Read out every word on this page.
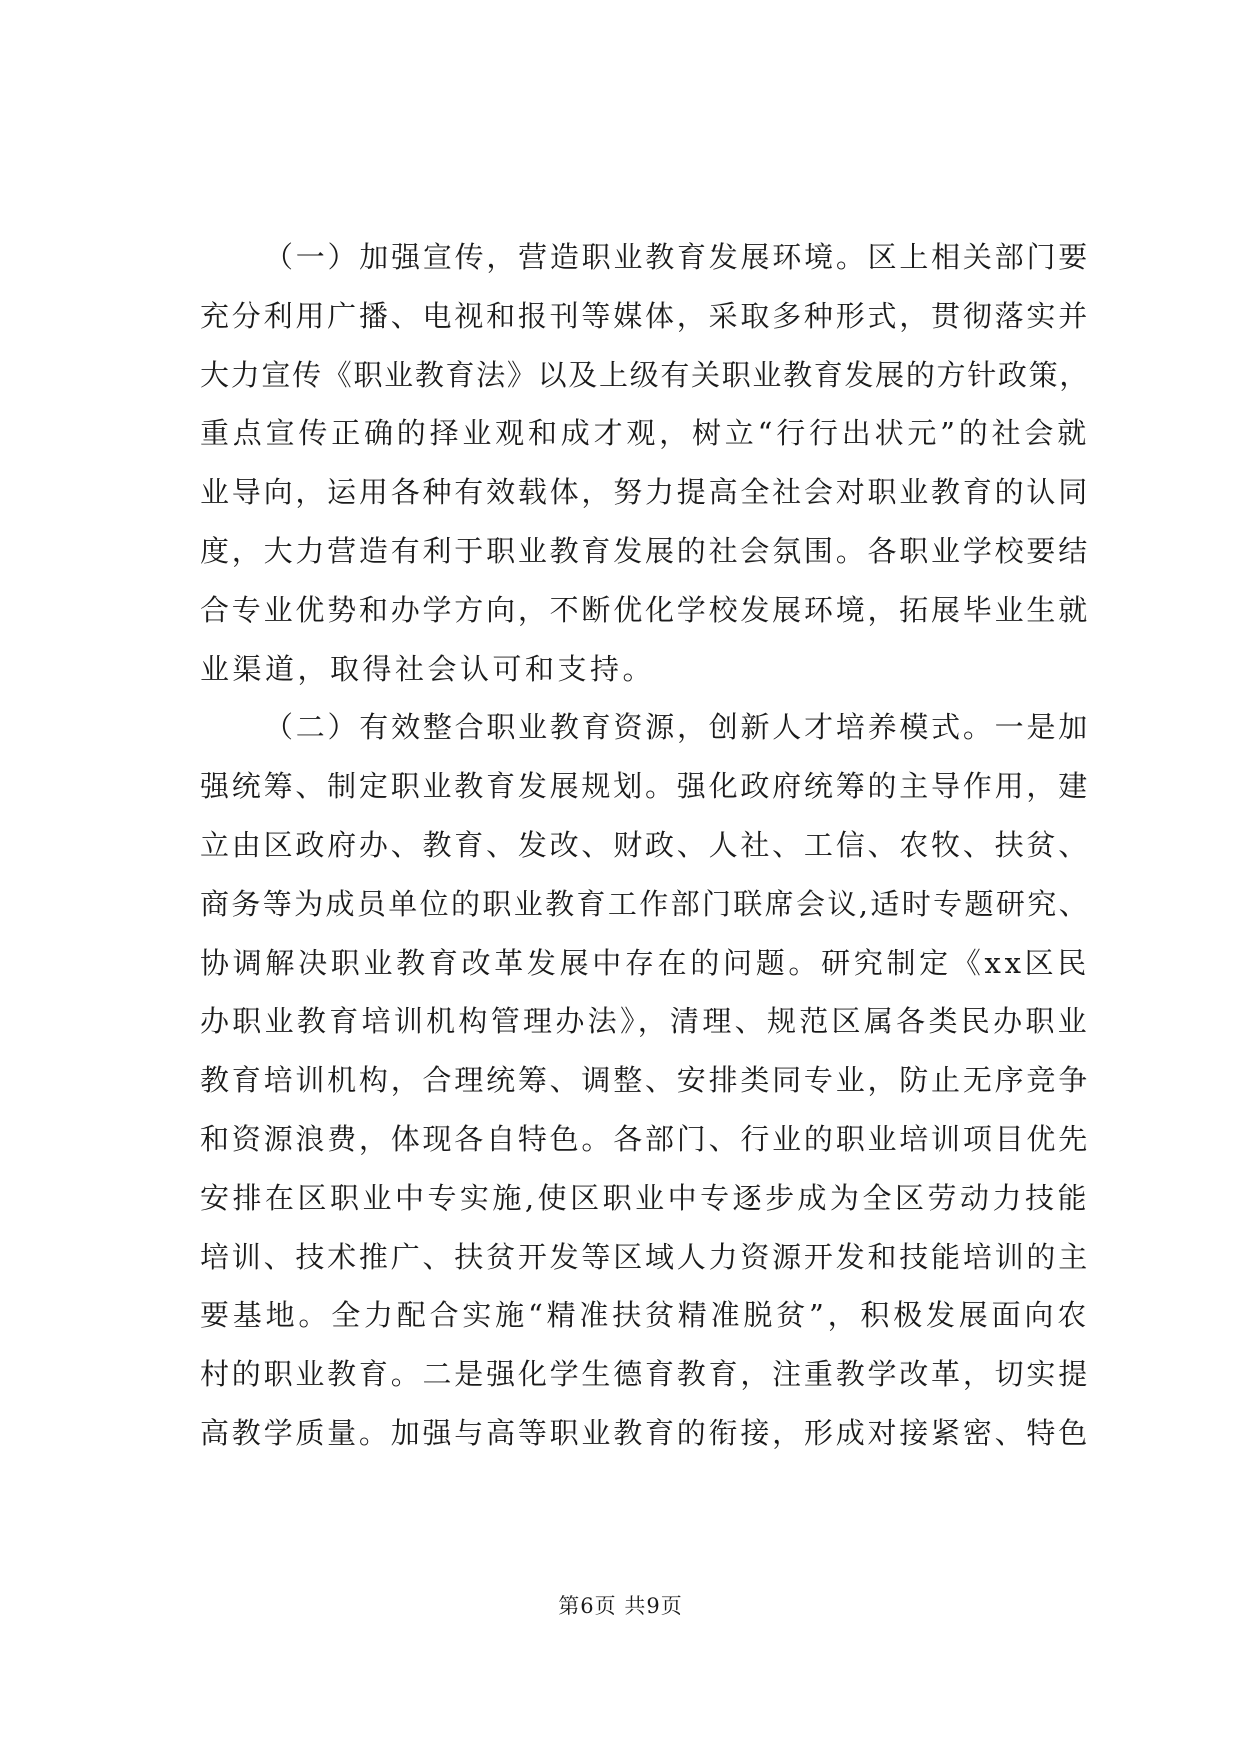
（一）加强宣传，营造职业教育发展环境。区上相关部门要
充分利用广播、电视和报刊等媒体，采取多种形式，贯彻落实并
大力宣传《职业教育法》以及上级有关职业教育发展的方针政策，
重点宣传正确的择业观和成才观，树立“行行出状元”的社会就
业导向，运用各种有效载体，努力提高全社会对职业教育的认同
度，大力营造有利于职业教育发展的社会氛围。各职业学校要结
合专业优势和办学方向，不断优化学校发展环境，拓展毕业生就
业渠道，取得社会认可和支持。
（二）有效整合职业教育资源，创新人才培养模式。一是加
强统筹、制定职业教育发展规划。强化政府统筹的主导作用，建
立由区政府办、教育、发改、财政、人社、工信、农牧、扶贫、
商务等为成员单位的职业教育工作部门联席会议,适时专题研究、
协调解决职业教育改革发展中存在的问题。研究制定《xx区民
办职业教育培训机构管理办法》，清理、规范区属各类民办职业
教育培训机构，合理统筹、调整、安排类同专业，防止无序竞争
和资源浪费，体现各自特色。各部门、行业的职业培训项目优先
安排在区职业中专实施,使区职业中专逐步成为全区劳动力技能
培训、技术推广、扶贫开发等区域人力资源开发和技能培训的主
要基地。全力配合实施“精准扶贫精准脱贫”，积极发展面向农
村的职业教育。二是强化学生德育教育，注重教学改革，切实提
高教学质量。加强与高等职业教育的衔接，形成对接紧密、特色
第6页 共9页
